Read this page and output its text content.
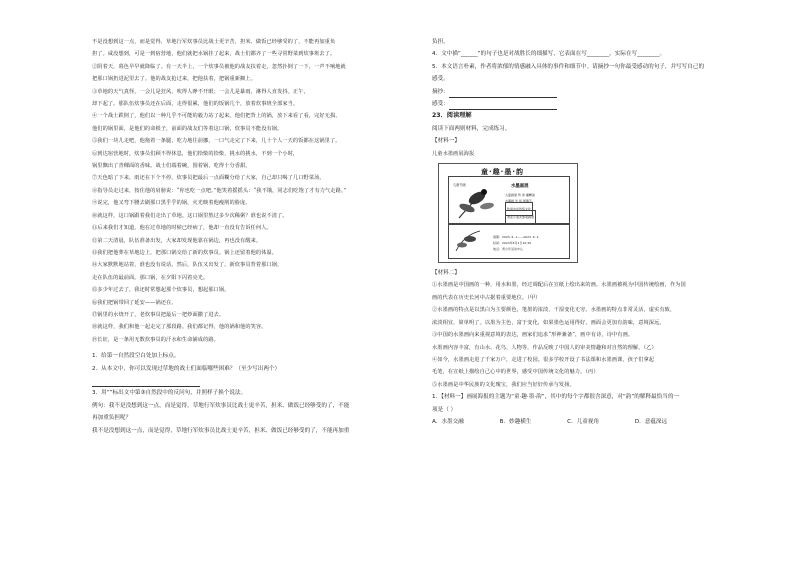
不是没想到这一点，而是觉得，草地行军炊事员比战士更辛苦，担米、做饭已经够受的了，不能再加重负

担了。咸没想到，可是一到宿营地，他们就把水锅挂了起来，战士们都齐了一些寻常野菜到炊事班去了。

②阴着天，暮色早早就降临了。有一天半上，一个炊事员被他的战友扶着走，忽然扑倒了一下，一声不响地就

把那口锅扔进泥里去了。他的战友抢过来，把他扶着，把锅重新搁上。

③草地的天气真怪，一会儿是狂风，吹得人睁不开眼；一会儿是暴雨，淋得人直发抖。正午，

却下起了。那队伍炊事员还在后面，走得很累，他们的饭锅几个，放着炊事班全部家当。

④一个战士跌倒了，他们以一种几乎不可能的毅力站了起来。他们把背上的锅，放下来看了看，完好无损，

他们的锅里面，是他们的命根子，前面的战友们等着这口锅，炊事员不能没有锅。

⑤我们一块儿走吧，他拖着一条腿，吃力地往前挪，一口气走完了下来，几十个人一天的饭都在这锅里了。

⑥到达宿营地时，炊事员们顾不得休息，他们拾柴的拾柴，挑水的挑水，不到一个小时，

锅里飘出了青稞面的香味。战士们端着碗，围着锅，吃得十分香甜。

⑦天色暗了下来，雨还在下个不停。炊事员把最后一点面糊分给了大家，自己却只喝了几口野菜汤。

⑧指导员走过来，按住他的肩膀说：“你也吃一点吧。”他笑着摇摇头：“我不饿，同志们吃饱了才有力气走路。”

⑨说完，他又弯下腰去刷那口黑乎乎的锅，火光映着他瘦削的脸庞。

⑩就这样，这口锅跟着我们走出了草地。这口锅里熬过多少次稀粥？谁也说不清了。

⑪后来我们才知道，他在过草地的时候已经病了，他却一直没有告诉任何人。

⑫第二天清晨，队伍准备出发，大家却发现他靠在锅边，再也没有醒来。

⑬我们把他葬在草地边上，把那口锅交给了新的炊事员。锅上还留着他的体温。

⑭大家默默地站着，谁也没有说话。然后，队伍又出发了。新炊事员背着那口锅，

走在队伍的最前面。那口锅，在夕阳下闪着亮光。

⑮多少年过去了，我还时常想起那个炊事员，想起那口锅。

⑯我们把锅带回了延安——锅还在。

⑰锅里的水烧开了，老炊事员把最后一把炒面撒了进去。

⑱就这样，我们和他一起走完了那段路。我们都记得，他的锅和他的笑容。

⑲长征，是一条用无数炊事员的汗水和生命铺成的路。

1．给第一自然段空白处加上标点。

2．从本文中，你可以发现过草地的战士们面临哪些困难？（至少写出两个）

3．用“”标出文中第③自然段中的反问句，并照样子换个说法。

例句：我不是没想到这一点，而是觉得，草地行军炊事员比战士更辛苦，担米、做饭已经够受的了，不能

再加重负担呢？

我不是没想到这一点，而是觉得，草地行军炊事员比战士更辛苦，担米、做饭已经够受的了，不能再加重

负担。

4．文中描“______”的句子也是对战胜长的细描写，它表面在写________，实际在写________。

5．本文语言朴素，作者将浓郁的情感融入具体的事件和细节中。请摘抄一句你最受感动的句子，并写写自己的

感受。

摘抄：

感受：

23．阅读理解

阅读下面两则材料，完成练习。

【材料一】

儿童水墨画展海报

童·趣·墨·韵
儿童书画	水墨画展
九童画展 传 承 播精美
水墨画 发 扬 国瑰宝
传承中华传统文化
欢迎小朋友参观画展
展期：2023. 6. 1——2023. 6. 2
时间：2023年6月1日10:30
地点：青少年活动中心

【材料二】

①水墨画是中国画的一种，用水和墨，经过调配后在宣纸上绘出来的画。水墨画被视为中国传统绘画，作为国

画的代表在历史长河中占据着重要地位。（甲）

②水墨画的特点是以黑白为主要颜色，笔墨的浓淡、干湿变化无穷。水墨画的特点非常灵活，虚实有致，

浓淡相宜，简单明了。以墨为主色，富于变化，如果墨色运用得好，画面会更加有韵味，意境深远。

③中国的水墨画向来重视意境的表达，画家们追求“形神兼备”，画中有诗，诗中有画。

水墨画内容丰富，有山水、花鸟、人物等，作品反映了中国人的审美情趣和对自然的理解，（乙）

④如今，水墨画走进了千家万户，走进了校园。很多学校开设了书法课和水墨画课，孩子们拿起

毛笔，在宣纸上描绘自己心中的世界，感受中国传统文化的魅力。（丙）

⑤水墨画是中华民族的文化瑰宝，我们应当好好传承与发扬。

1．【材料一】画展海报的主题为“童·趣·墨·韵”，其中的每个字都很含深意，对“韵”的解释最恰当的一

项是（ ）

A．水墨交融	B．妙趣横生	C．儿童视角	D．意蕴深远
